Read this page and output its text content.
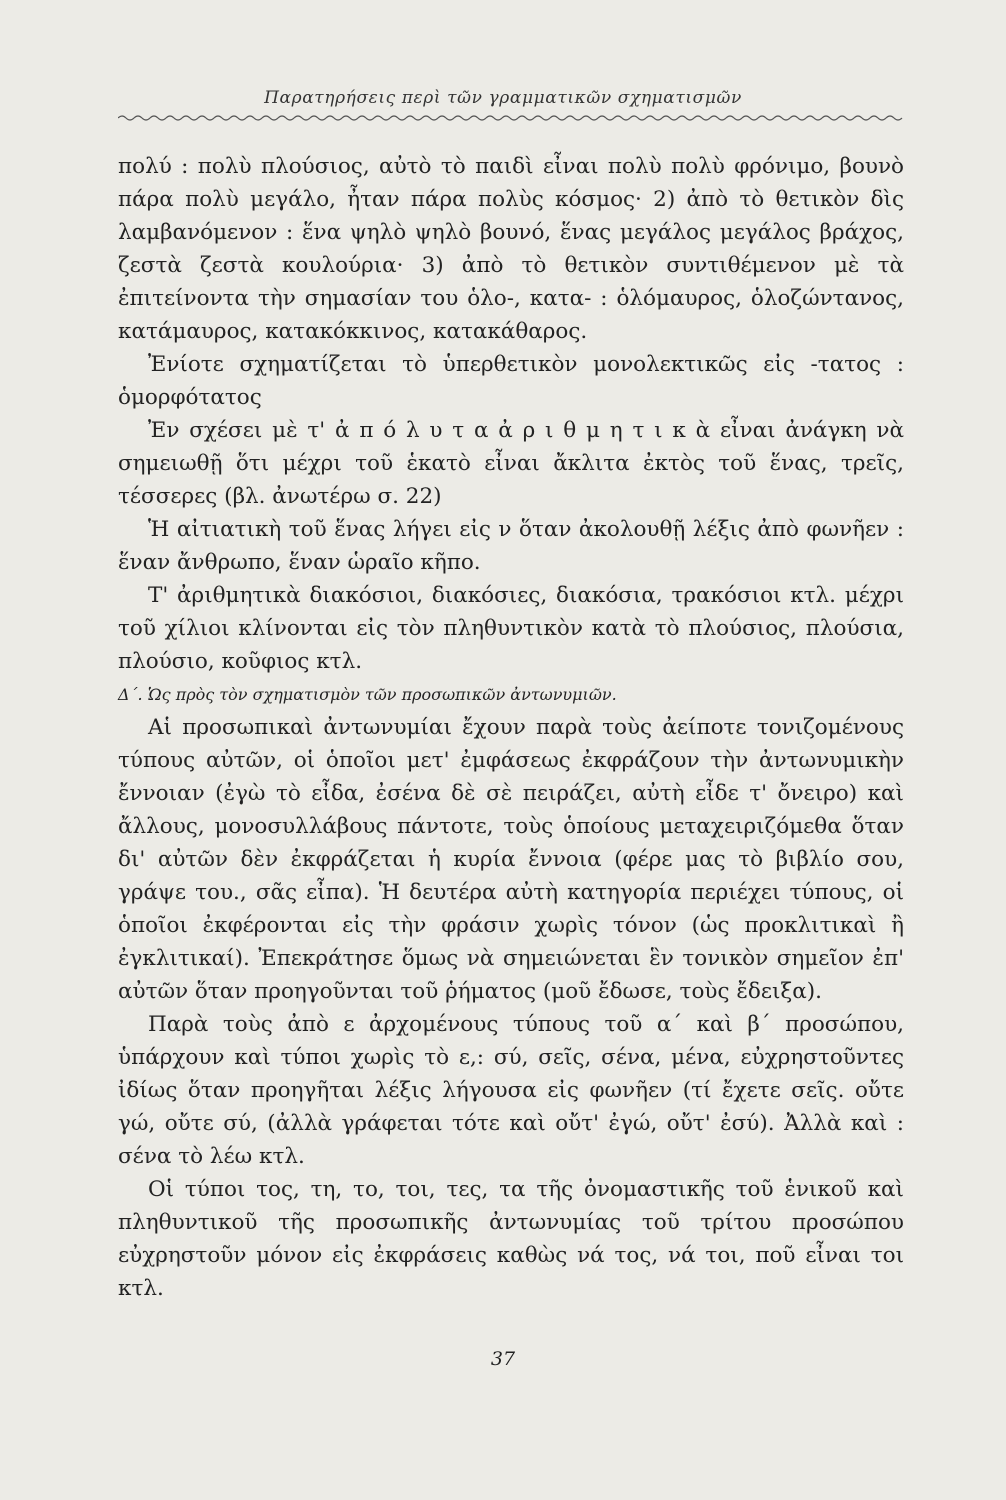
Παρατηρήσεις περὶ τῶν γραμματικῶν σχηματισμῶν

πολύ : πολὺ πλούσιος, αὐτὸ τὸ παιδὶ εἶναι πολὺ πολὺ φρόνιμο, βουνὸ πάρα πολὺ μεγάλο, ἦταν πάρα πολὺς κόσμος· 2) ἀπὸ τὸ θετικὸν δὶς λαμβανόμενον : ἕνα ψηλὸ ψηλὸ βουνό, ἕνας μεγάλος μεγάλος βράχος, ζεστὰ ζεστὰ κουλούρια· 3) ἀπὸ τὸ θετικὸν συντιθέμενον μὲ τὰ ἐπιτείνοντα τὴν σημασίαν του ὁλο-, κατα- : ὁλόμαυρος, ὁλοζώντανος, κατάμαυρος, κατακόκκινος, κατακάθαρος.

Ἐνίοτε σχηματίζεται τὸ ὑπερθετικὸν μονολεκτικῶς εἰς -τατος : ὁμορφότατος

Ἐν σχέσει μὲ τ' ἀ π ό λ υ τ α ἀ ρ ι θ μ η τ ι κ ὰ εἶναι ἀνάγκη νὰ σημειωθῇ ὅτι μέχρι τοῦ ἑκατὸ εἶναι ἄκλιτα ἐκτὸς τοῦ ἕνας, τρεῖς, τέσσερες (βλ. ἀνωτέρω σ. 22)

Ἡ αἰτιατικὴ τοῦ ἕνας λήγει εἰς ν ὅταν ἀκολουθῇ λέξις ἀπὸ φωνῆεν : ἕναν ἄνθρωπο, ἕναν ὡραῖο κῆπο.

Τ' ἀριθμητικὰ διακόσιοι, διακόσιες, διακόσια, τρακόσιοι κτλ. μέχρι τοῦ χίλιοι κλίνονται εἰς τὸν πληθυντικὸν κατὰ τὸ πλούσιος, πλούσια, πλούσιο, κοῦφιος κτλ.

Δ΄. Ὡς πρὸς τὸν σχηματισμὸν τῶν προσωπικῶν ἀντωνυμιῶν.

Αἱ προσωπικαὶ ἀντωνυμίαι ἔχουν παρὰ τοὺς ἀείποτε τονιζομένους τύπους αὐτῶν, οἱ ὁποῖοι μετ' ἐμφάσεως ἐκφράζουν τὴν ἀντωνυμικὴν ἔννοιαν (ἐγὼ τὸ εἶδα, ἐσένα δὲ σὲ πειράζει, αὐτὴ εἶδε τ' ὄνειρο) καὶ ἄλλους, μονοσυλλάβους πάντοτε, τοὺς ὁποίους μεταχειριζόμεθα ὅταν δι' αὐτῶν δὲν ἐκφράζεται ἡ κυρία ἔννοια (φέρε μας τὸ βιβλίο σου, γράψε του., σᾶς εἶπα). Ἡ δευτέρα αὐτὴ κατηγορία περιέχει τύπους, οἱ ὁποῖοι ἐκφέρονται εἰς τὴν φράσιν χωρὶς τόνον (ὡς προκλιτικαὶ ἢ ἐγκλιτικαί). Ἐπεκράτησε ὅμως νὰ σημειώνεται ἓν τονικὸν σημεῖον ἐπ' αὐτῶν ὅταν προηγοῦνται τοῦ ῥήματος (μοῦ ἔδωσε, τοὺς ἔδειξα).

Παρὰ τοὺς ἀπὸ ε ἀρχομένους τύπους τοῦ α΄ καὶ β΄ προσώπου, ὑπάρχουν καὶ τύποι χωρὶς τὸ ε,: σύ, σεῖς, σένα, μένα, εὐχρηστοῦντες ἰδίως ὅταν προηγῆται λέξις λήγουσα εἰς φωνῆεν (τί ἔχετε σεῖς. οὔτε γώ, οὔτε σύ, (ἀλλὰ γράφεται τότε καὶ οὔτ' ἐγώ, οὔτ' ἐσύ). Ἀλλὰ καὶ : σένα τὸ λέω κτλ.

Οἱ τύποι τος, τη, το, τοι, τες, τα τῆς ὀνομαστικῆς τοῦ ἑνικοῦ καὶ πληθυντικοῦ τῆς προσωπικῆς ἀντωνυμίας τοῦ τρίτου προσώπου εὐχρηστοῦν μόνον εἰς ἐκφράσεις καθὼς νά τος, νά τοι, ποῦ εἶναι τοι κτλ.

37
